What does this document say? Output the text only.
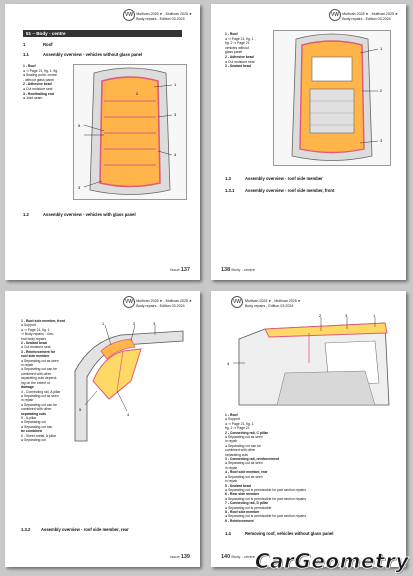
VW Multivan 2025 ➤ , Multivan 2025 ➤
Body repairs - Edition 03.2024
51 – Body - centre
1	Roof
1.1	Assembly overview - vehicles without glass panel
1 - Roof
● ⇒ Page 21, fig. 1, fig.
● Sealing point, centre
- without glass panel
2 - Adhesive bead
● Cut moisture seal
3 - Rooftrailing end
● Joint seam
1
2
3
4
5
3
1.2	Assembly overview - vehicles with glass panel
Issue 137
VW Multivan 2025 ➤ , Multivan 2025 ➤
Body repairs - Edition 03.2024
1 - Roof
● ⇒ Page 21, fig. 1 ,
fig. 2 ⇒ Page 21
vehicles without
glass panel
2 - Adhesive bead
● Cut moisture seal
3 - Sealant bead
1
2
3
1.3	Assembly overview - roof side member
1.3.1	Assembly overview - roof side member, front
138 Body - centre
VW Multivan 2025 ➤ , Multivan 2025 ➤
Body repairs - Edition 03.2024
1 - Roof side member, front
● Support
● ⇒ Page 21, fig. 1
⇒ Body repairs - Gen-
eral body repairs
2 - Sealant bead
● Cut moisture seal
3 - Reinforcement for
roof side member
● Separating cut as seen
in repair
● Separating cut can be
combined with other
separating cuts depend-
ing on the extent of
damage
4 - Connecting rail, A pillar
● Separating cut as seen
in repair
● Separating cut can be
combined with other
separating cuts
5 - A-pillar
● Separating cut
● Separating cut can
be combined
6 - Sheet-metal, A pillar
● Separating cut
1	2	3
4
5
1.3.2	Assembly overview - roof side member, rear
Issue 139
VW	Multivan 2025 ➤ , Multivan 2025 ➤
Body repairs - Edition 03.2024
1
2	3
4
1 - Roof
● Support
● ⇒ Page 21, fig. 1
fig. 2 ⇒ Page 21
2 - Connecting rail, C pillar
● Separating cut as seen
in repair
● Separating cut can be
combined with other
separating cuts
3 - Connecting rail, reinforcement
● Separating cut as seen
in repair
4 - Roof side member, rear
● Separating cut as seen
in repair
5 - Sealant bead
● Separating cut is permissible for part section repairs
6 - Rear side member
● Separating cut is permissible for part section repairs
7 - Connecting rail, D pillar
● Separating cut is permissible
8 - Roof side member
● Separating cut is permissible for part section repairs
9 - Reinforcement
1.4	Removing roof, vehicles without glass panel
140 Body - centre CarGeometry
